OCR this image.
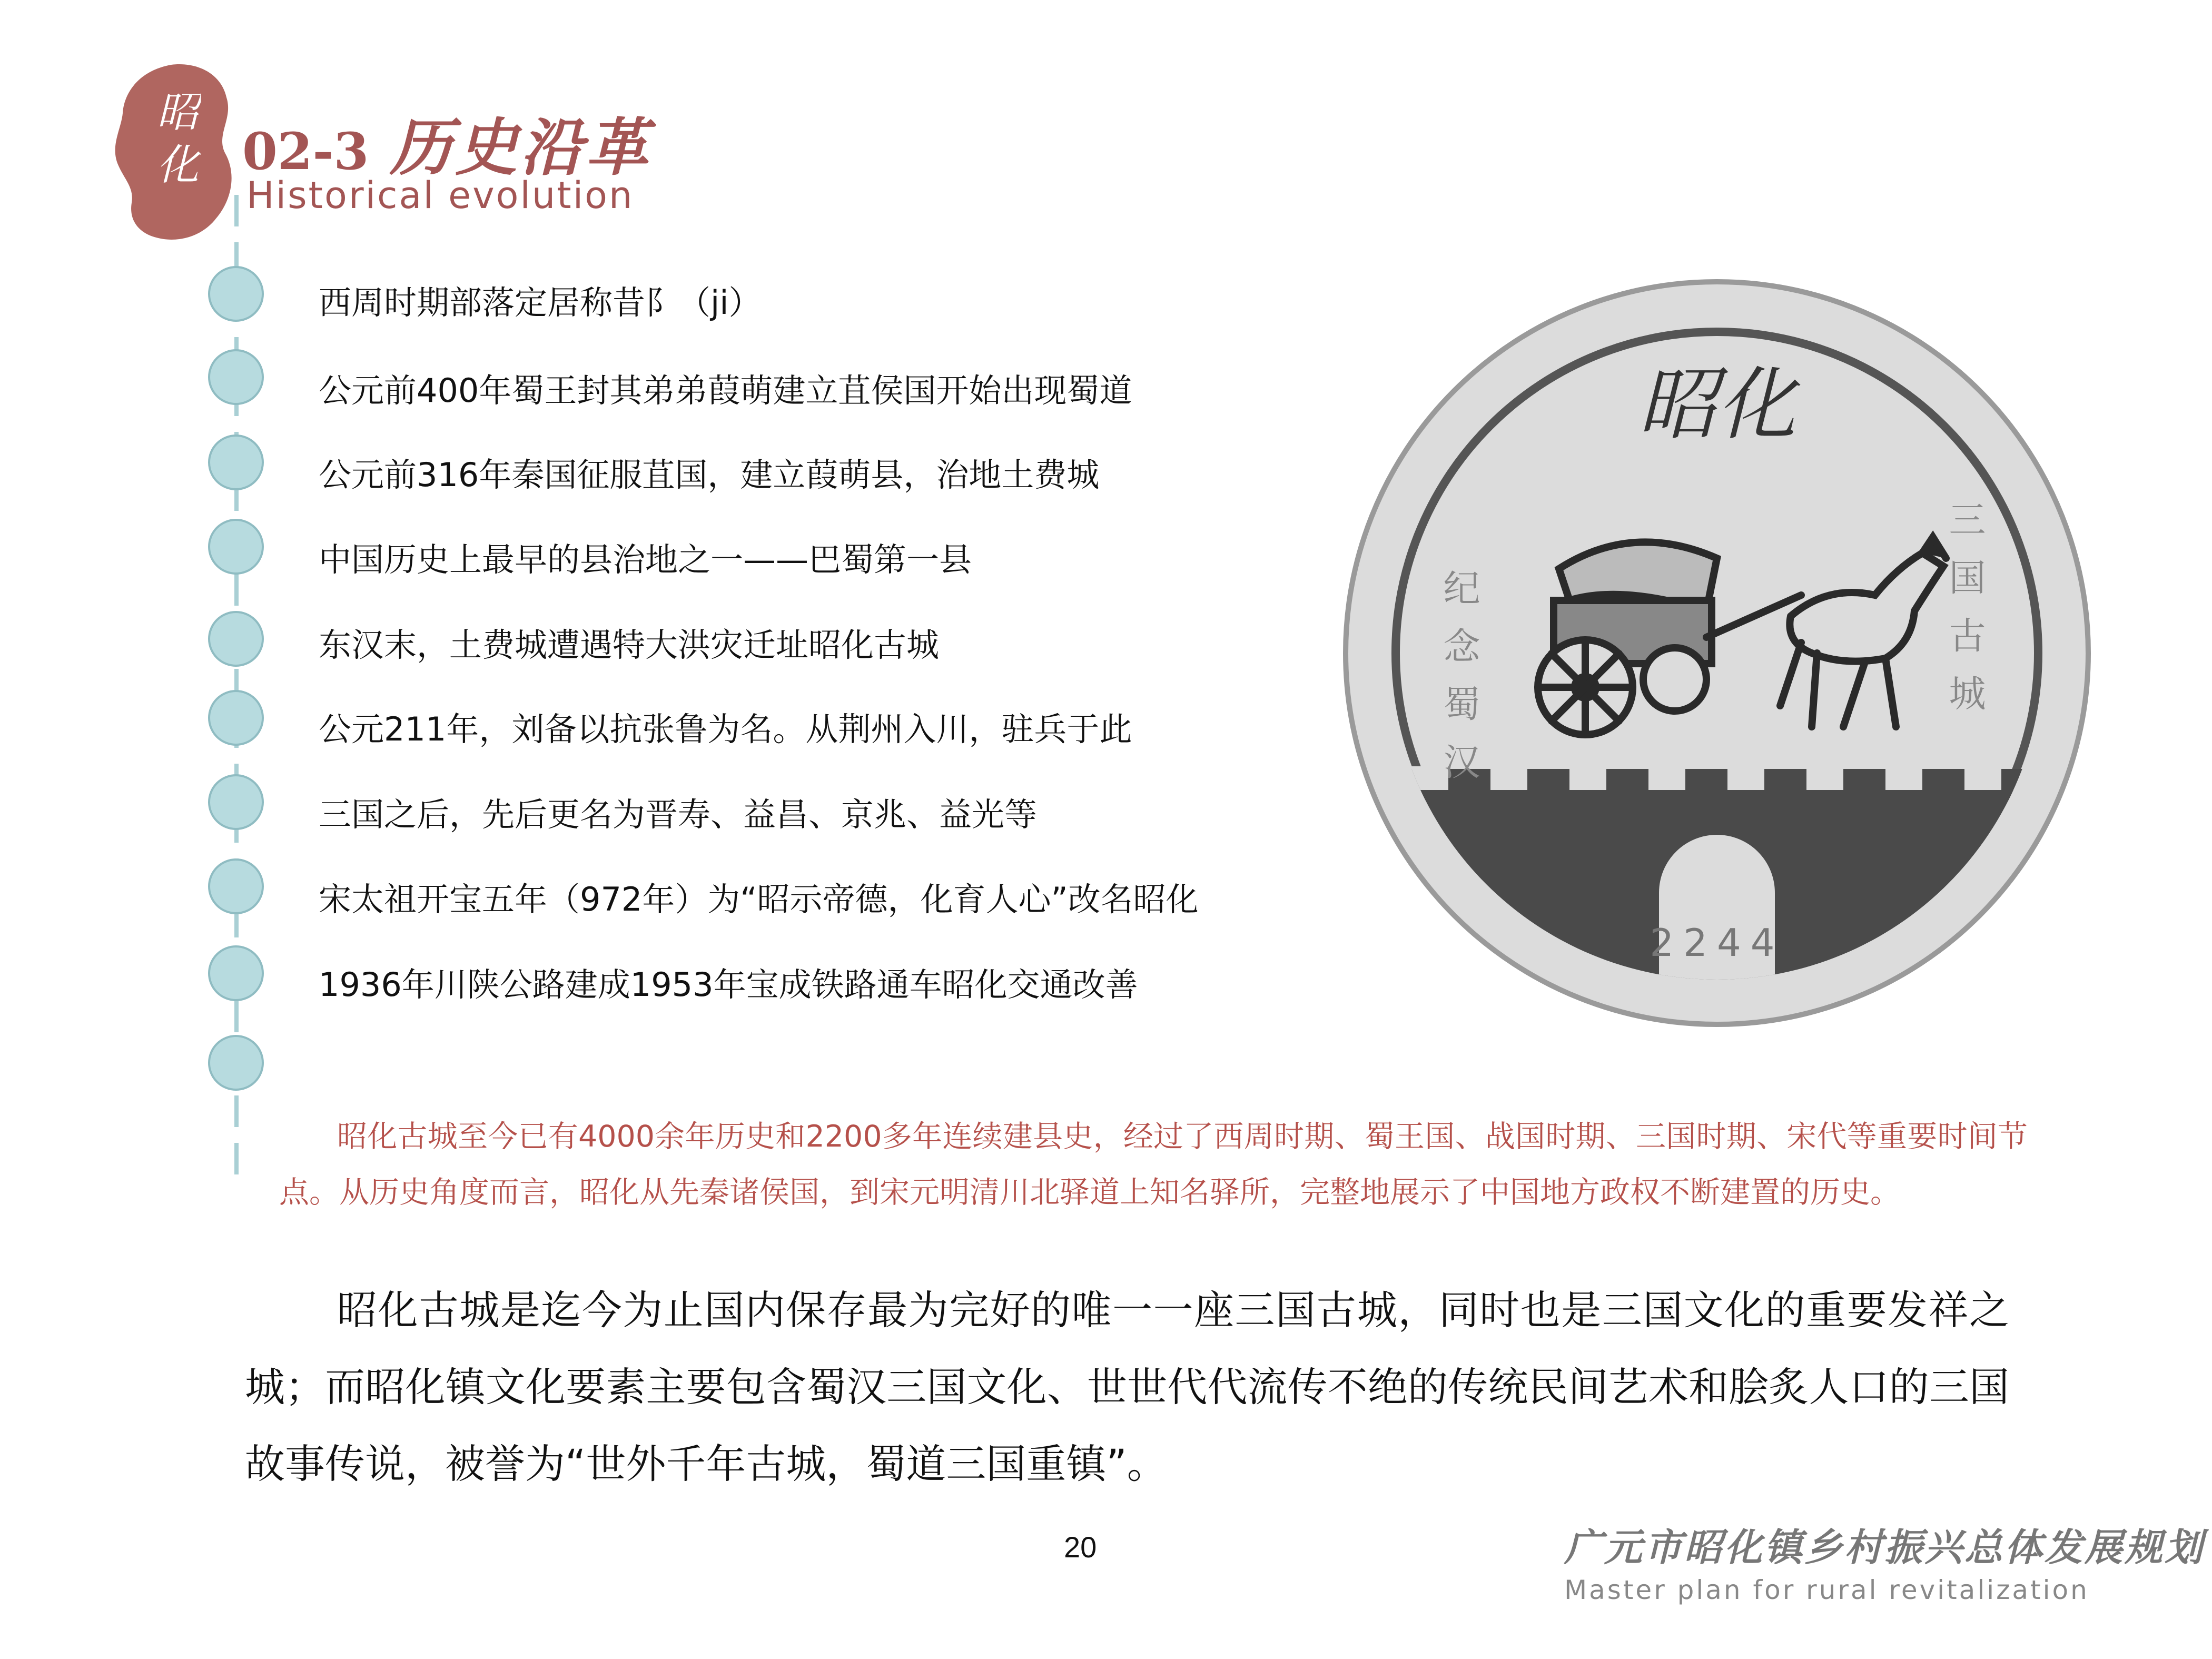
昭化 02-3 历史沿革
Historical evolution
西周时期部落定居称昔阝（ji）
公元前400年蜀王封其弟弟葭萌建立苴侯国开始出现蜀道
公元前316年秦国征服苴国，建立葭萌县，治地土费城
中国历史上最早的县治地之一——巴蜀第一县
东汉末，土费城遭遇特大洪灾迁址昭化古城
公元211年，刘备以抗张鲁为名。从荆州入川，驻兵于此
三国之后，先后更名为晋寿、益昌、京兆、益光等
宋太祖开宝五年（972年）为“昭示帝德，化育人心”改名昭化
1936年川陕公路建成1953年宝成铁路通车昭化交通改善
昭化
2244
纪念蜀汉	三国古城
昭化古城至今已有4000余年历史和2200多年连续建县史，经过了西周时期、蜀王国、战国时期、三国时期、宋代等重要时间节点。从历史角度而言，昭化从先秦诸侯国，到宋元明清川北驿道上知名驿所，完整地展示了中国地方政权不断建置的历史。
昭化古城是迄今为止国内保存最为完好的唯一一座三国古城，同时也是三国文化的重要发祥之城；而昭化镇文化要素主要包含蜀汉三国文化、世世代代流传不绝的传统民间艺术和脍炙人口的三国故事传说，被誉为“世外千年古城，蜀道三国重镇”。
20	广元市昭化镇乡村振兴总体发展规划
Master plan for rural revitalization
